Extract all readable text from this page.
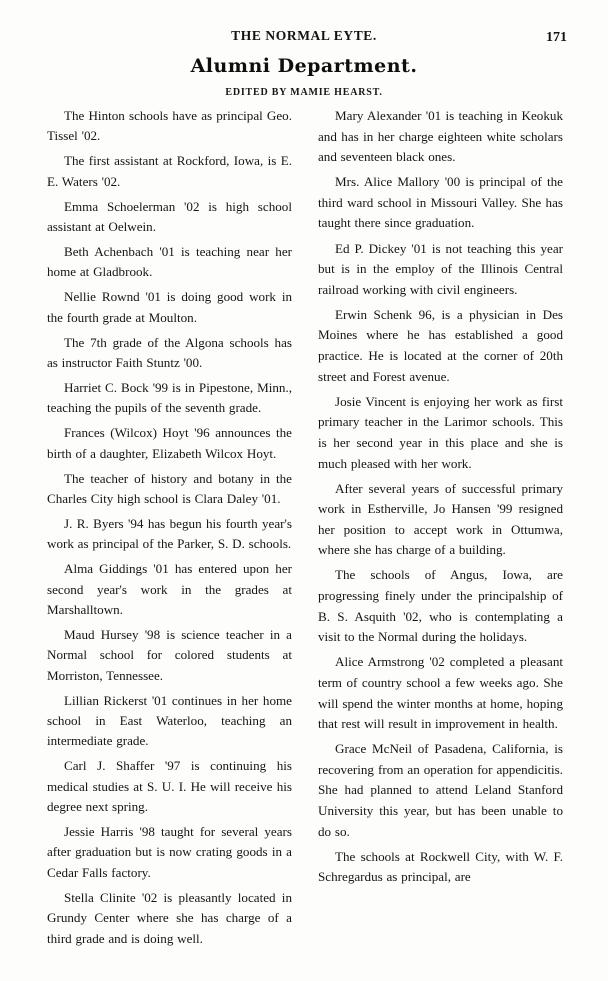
THE NORMAL EYTE.	171
Alumni Department.
EDITED BY MAMIE HEARST.

The Hinton schools have as principal Geo. Tissel '02.

The first assistant at Rockford, Iowa, is E. E. Waters '02.

Emma Schoelerman '02 is high school assistant at Oelwein.

Beth Achenbach '01 is teaching near her home at Gladbrook.

Nellie Rownd '01 is doing good work in the fourth grade at Moulton.

The 7th grade of the Algona schools has as instructor Faith Stuntz '00.

Harriet C. Bock '99 is in Pipestone, Minn., teaching the pupils of the seventh grade.

Frances (Wilcox) Hoyt '96 announces the birth of a daughter, Elizabeth Wilcox Hoyt.

The teacher of history and botany in the Charles City high school is Clara Daley '01.

J. R. Byers '94 has begun his fourth year's work as principal of the Parker, S. D. schools.

Alma Giddings '01 has entered upon her second year's work in the grades at Marshalltown.

Maud Hursey '98 is science teacher in a Normal school for colored students at Morriston, Tennessee.

Lillian Rickerst '01 continues in her home school in East Waterloo, teaching an intermediate grade.

Carl J. Shaffer '97 is continuing his medical studies at S. U. I. He will receive his degree next spring.

Jessie Harris '98 taught for several years after graduation but is now crating goods in a Cedar Falls factory.

Stella Clinite '02 is pleasantly located in Grundy Center where she has charge of a third grade and is doing well.

Mary Alexander '01 is teaching in Keokuk and has in her charge eighteen white scholars and seventeen black ones.

Mrs. Alice Mallory '00 is principal of the third ward school in Missouri Valley. She has taught there since graduation.

Ed P. Dickey '01 is not teaching this year but is in the employ of the Illinois Central railroad working with civil engineers.

Erwin Schenk 96, is a physician in Des Moines where he has established a good practice. He is located at the corner of 20th street and Forest avenue.

Josie Vincent is enjoying her work as first primary teacher in the Larimor schools. This is her second year in this place and she is much pleased with her work.

After several years of successful primary work in Estherville, Jo Hansen '99 resigned her position to accept work in Ottumwa, where she has charge of a building.

The schools of Angus, Iowa, are progressing finely under the principalship of B. S. Asquith '02, who is contemplating a visit to the Normal during the holidays.

Alice Armstrong '02 completed a pleasant term of country school a few weeks ago. She will spend the winter months at home, hoping that rest will result in improvement in health.

Grace McNeil of Pasadena, California, is recovering from an operation for appendicitis. She had planned to attend Leland Stanford University this year, but has been unable to do so.

The schools at Rockwell City, with W. F. Schregardus as principal, are
